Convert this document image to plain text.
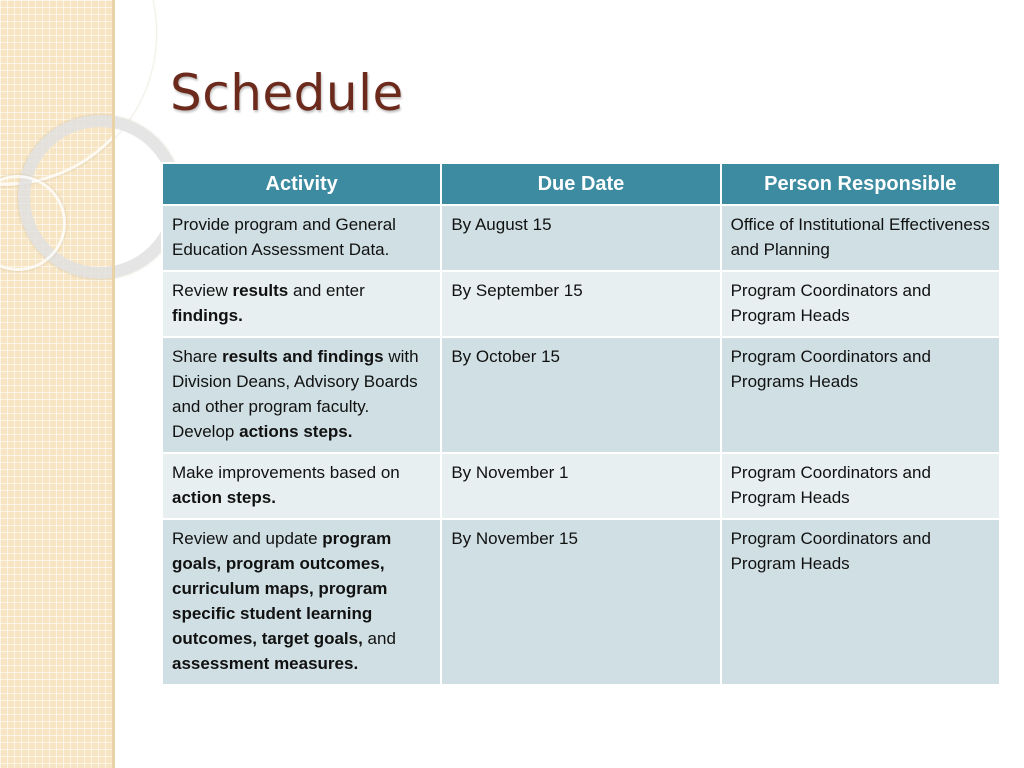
Schedule
Activity	Due Date	Person Responsible
Provide program and General Education Assessment Data.	By August 15	Office of Institutional Effectiveness and Planning
Review results and enter findings.	By September 15	Program Coordinators and Program Heads
Share results and findings with Division Deans, Advisory Boards and other program faculty. Develop actions steps.	By October 15	Program Coordinators and Programs Heads
Make improvements based on action steps.	By November 1	Program Coordinators and Program Heads
Review and update program goals, program outcomes, curriculum maps, program specific student learning outcomes, target goals, and assessment measures.	By November 15	Program Coordinators and Program Heads
